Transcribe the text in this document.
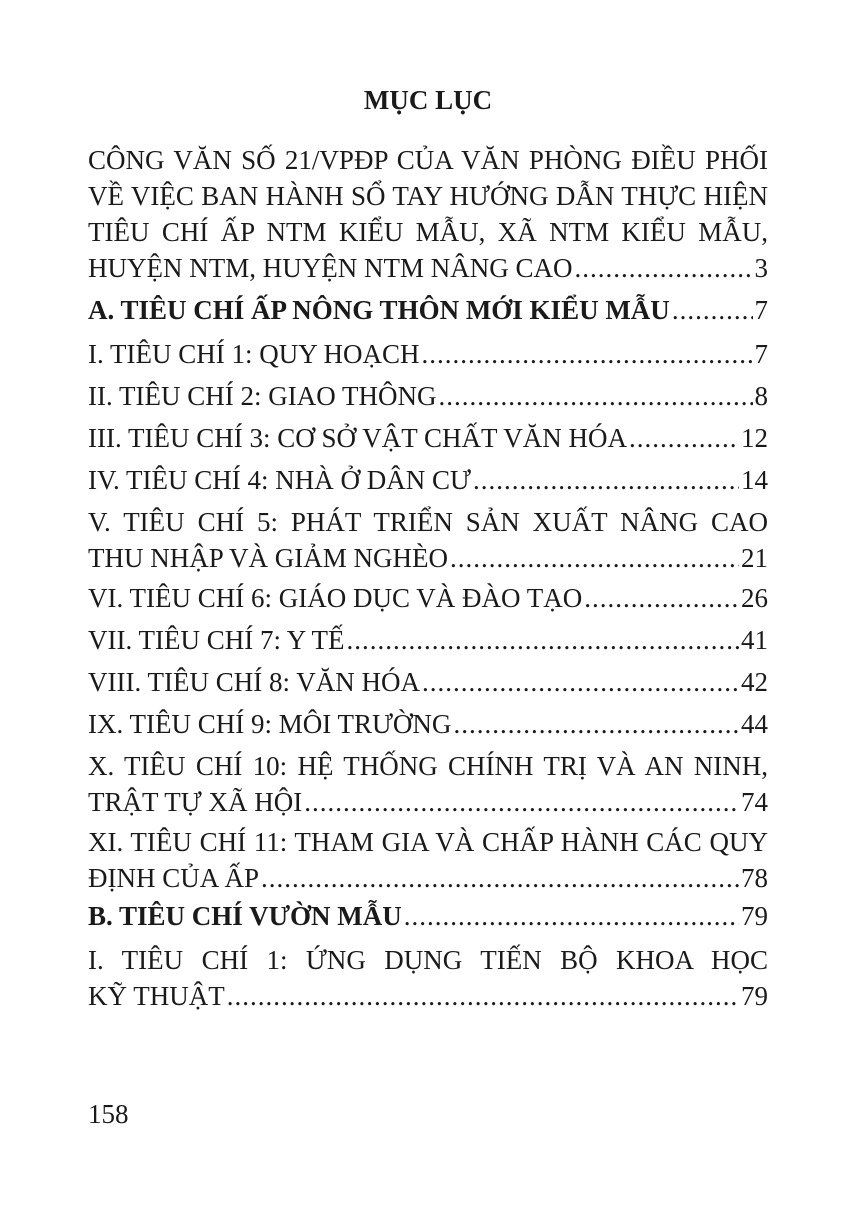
MỤC LỤC
CÔNG VĂN SỐ 21/VPĐP CỦA VĂN PHÒNG ĐIỀU PHỐI
VỀ VIỆC BAN HÀNH SỔ TAY HƯỚNG DẪN THỰC HIỆN
TIÊU CHÍ ẤP NTM KIỂU MẪU, XÃ NTM KIỂU MẪU,
HUYỆN NTM, HUYỆN NTM NÂNG CAO .....	3
A. TIÊU CHÍ ẤP NÔNG THÔN MỚI KIỂU MẪU .....	7
I. TIÊU CHÍ 1: QUY HOẠCH .....	7
II. TIÊU CHÍ 2: GIAO THÔNG .....	8
III. TIÊU CHÍ 3: CƠ SỞ VẬT CHẤT VĂN HÓA .....	12
IV. TIÊU CHÍ 4: NHÀ Ở DÂN CƯ .....	14
V. TIÊU CHÍ 5: PHÁT TRIỂN SẢN XUẤT NÂNG CAO
THU NHẬP VÀ GIẢM NGHÈO .....	21
VI. TIÊU CHÍ 6: GIÁO DỤC VÀ ĐÀO TẠO .....	26
VII. TIÊU CHÍ 7: Y TẾ .....	41
VIII. TIÊU CHÍ 8: VĂN HÓA .....	42
IX. TIÊU CHÍ 9: MÔI TRƯỜNG .....	44
X. TIÊU CHÍ 10: HỆ THỐNG CHÍNH TRỊ VÀ AN NINH,
TRẬT TỰ XÃ HỘI .....	74
XI. TIÊU CHÍ 11: THAM GIA VÀ CHẤP HÀNH CÁC QUY
ĐỊNH CỦA ẤP .....	78
B. TIÊU CHÍ VƯỜN MẪU .....	79
I. TIÊU CHÍ 1: ỨNG DỤNG TIẾN BỘ KHOA HỌC
KỸ THUẬT .....	79
158
